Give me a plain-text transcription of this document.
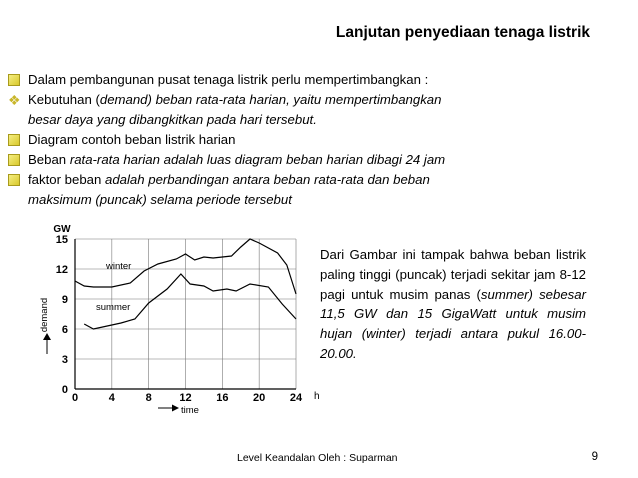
Lanjutan penyediaan tenaga listrik
Dalam pembangunan pusat tenaga listrik perlu mempertimbangkan :
❖ Kebutuhan (demand) beban rata-rata harian, yaitu mempertimbangkan
besar daya yang dibangkitkan pada hari tersebut.
Diagram contoh beban listrik harian
Beban rata-rata harian adalah luas diagram beban harian dibagi 24 jam
faktor beban adalah perbandingan antara beban rata-rata dan beban
maksimum (puncak) selama periode tersebut
GW
demand
0
3
6
9
12
15
0	4	8	12 16 20 24 h
time
winter
summer
Dari Gambar ini tampak bahwa beban listrik paling tinggi (puncak) terjadi sekitar jam 8-12 pagi untuk musim panas (summer) sebesar 11,5 GW dan 15 GigaWatt untuk musim hujan (winter) terjadi antara pukul 16.00- 20.00.
Level Keandalan Oleh : Suparman	9
